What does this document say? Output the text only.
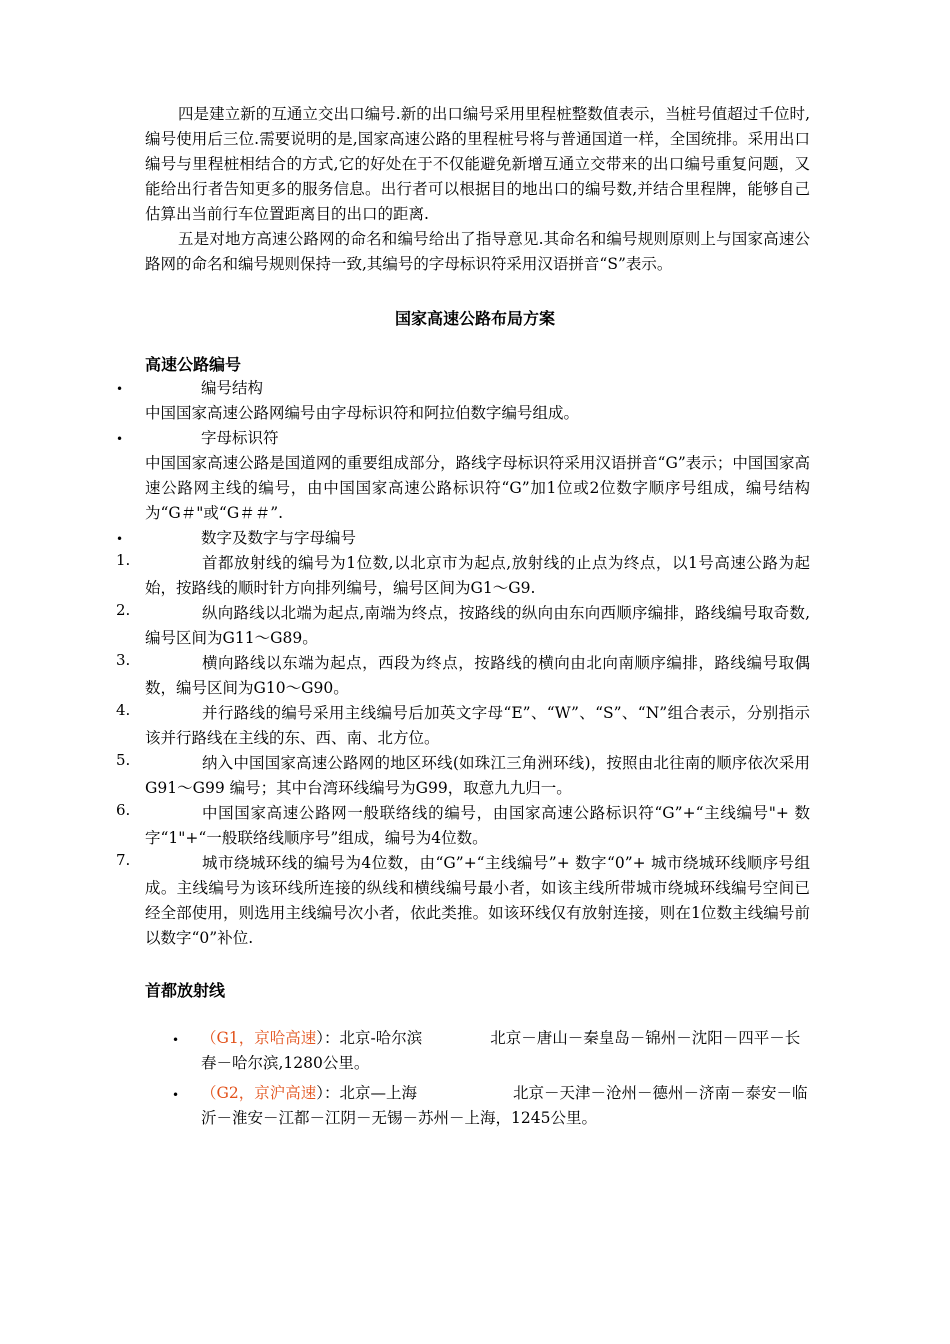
四是建立新的互通立交出口编号.新的出口编号采用里程桩整数值表示，当桩号值超过千位时,编号使用后三位.需要说明的是,国家高速公路的里程桩号将与普通国道一样，全国统排。采用出口编号与里程桩相结合的方式,它的好处在于不仅能避免新增互通立交带来的出口编号重复问题，又能给出行者告知更多的服务信息。出行者可以根据目的地出口的编号数,并结合里程牌，能够自己估算出当前行车位置距离目的出口的距离.

五是对地方高速公路网的命名和编号给出了指导意见.其命名和编号规则原则上与国家高速公路网的命名和编号规则保持一致,其编号的字母标识符采用汉语拼音“S”表示。

国家高速公路布局方案

高速公路编号

•	编号结构

中国国家高速公路网编号由字母标识符和阿拉伯数字编号组成。

•	字母标识符

中国国家高速公路是国道网的重要组成部分，路线字母标识符采用汉语拼音“G”表示；中国国家高速公路网主线的编号，由中国国家高速公路标识符“G”加1位或2位数字顺序号组成，编号结构为“G＃"或“G＃＃”.

•	数字及数字与字母编号

1.	首都放射线的编号为1位数,以北京市为起点,放射线的止点为终点，以1号高速公路为起始，按路线的顺时针方向排列编号，编号区间为G1～G9.

2.	纵向路线以北端为起点,南端为终点，按路线的纵向由东向西顺序编排，路线编号取奇数,编号区间为G11～G89。

3.	横向路线以东端为起点，西段为终点，按路线的横向由北向南顺序编排，路线编号取偶数，编号区间为G10～G90。

4.	并行路线的编号采用主线编号后加英文字母“E”、“W”、“S”、“N”组合表示，分别指示该并行路线在主线的东、西、南、北方位。

5.	纳入中国国家高速公路网的地区环线(如珠江三角洲环线)，按照由北往南的顺序依次采用G91～G99 编号；其中台湾环线编号为G99，取意九九归一。

6.	中国国家高速公路网一般联络线的编号，由国家高速公路标识符“G”+“主线编号"+ 数字“1"+“一般联络线顺序号”组成，编号为4位数。

7.	城市绕城环线的编号为4位数，由“G”+“主线编号”+ 数字“0”+ 城市绕城环线顺序号组成。主线编号为该环线所连接的纵线和横线编号最小者，如该主线所带城市绕城环线编号空间已经全部使用，则选用主线编号次小者，依此类推。如该环线仅有放射连接，则在1位数主线编号前以数字“0”补位.

首都放射线

• （G1，京哈高速）：北京-哈尔滨	北京－唐山－秦皇岛－锦州－沈阳－四平－长春－哈尔滨,1280公里。

• （G2，京沪高速）：北京—上海	北京－天津－沧州－德州－济南－泰安－临沂－淮安－江都－江阴－无锡－苏州－上海，1245公里。
